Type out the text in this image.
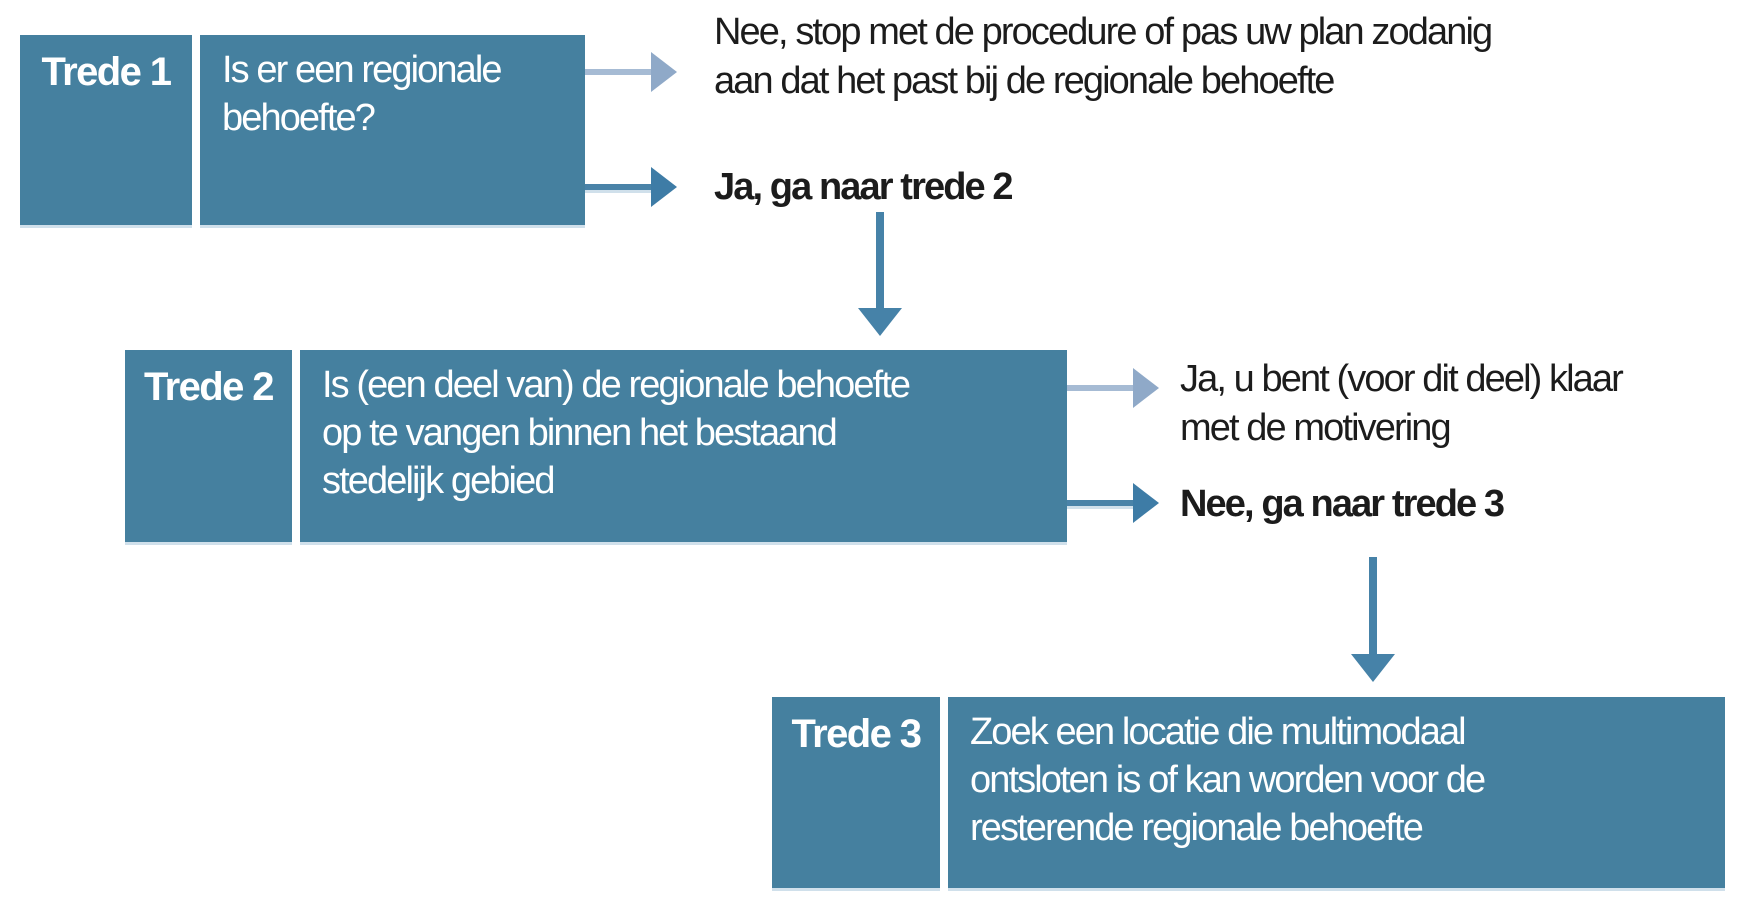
Trede 1	Is er een regionale
behoefte?
Nee, stop met de procedure of pas uw plan zodanig
aan dat het past bij de regionale behoefte
Ja, ga naar trede 2
Trede 2	Is (een deel van) de regionale behoefte
op te vangen binnen het bestaand
stedelijk gebied
Ja, u bent (voor dit deel) klaar
met de motivering
Nee, ga naar trede 3
Trede 3	Zoek een locatie die multimodaal
ontsloten is of kan worden voor de
resterende regionale behoefte
